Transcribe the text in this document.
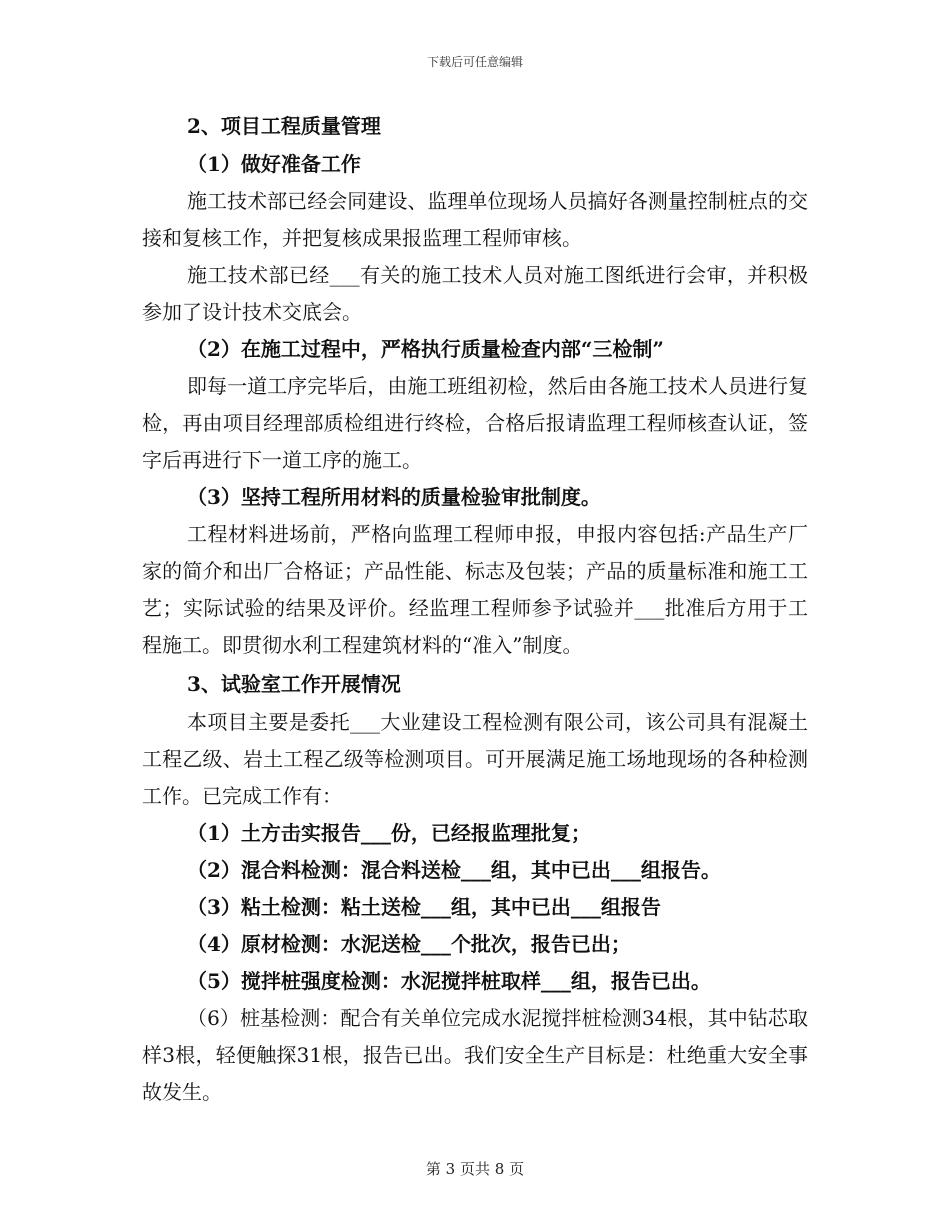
下载后可任意编辑
2、项目工程质量管理

（1）做好准备工作

施工技术部已经会同建设、监理单位现场人员搞好各测量控制桩点的交接和复核工作，并把复核成果报监理工程师审核。

施工技术部已经___有关的施工技术人员对施工图纸进行会审，并积极参加了设计技术交底会。

（2）在施工过程中，严格执行质量检查内部“三检制”

即每一道工序完毕后，由施工班组初检，然后由各施工技术人员进行复检，再由项目经理部质检组进行终检，合格后报请监理工程师核查认证，签字后再进行下一道工序的施工。

（3）坚持工程所用材料的质量检验审批制度。

工程材料进场前，严格向监理工程师申报，申报内容包括:产品生产厂家的简介和出厂合格证；产品性能、标志及包装；产品的质量标准和施工工艺；实际试验的结果及评价。经监理工程师参予试验并___批准后方用于工程施工。即贯彻水利工程建筑材料的“准入”制度。

3、试验室工作开展情况

本项目主要是委托___大业建设工程检测有限公司，该公司具有混凝土工程乙级、岩土工程乙级等检测项目。可开展满足施工场地现场的各种检测工作。已完成工作有：

（1）土方击实报告___份，已经报监理批复；

（2）混合料检测：混合料送检___组，其中已出___组报告。

（3）粘土检测：粘土送检___组，其中已出___组报告

（4）原材检测：水泥送检___个批次，报告已出；

（5）搅拌桩强度检测：水泥搅拌桩取样___组，报告已出。

（6）桩基检测：配合有关单位完成水泥搅拌桩检测34根，其中钻芯取样3根，轻便触探31根，报告已出。我们安全生产目标是：杜绝重大安全事故发生。

第 3 页共 8 页
